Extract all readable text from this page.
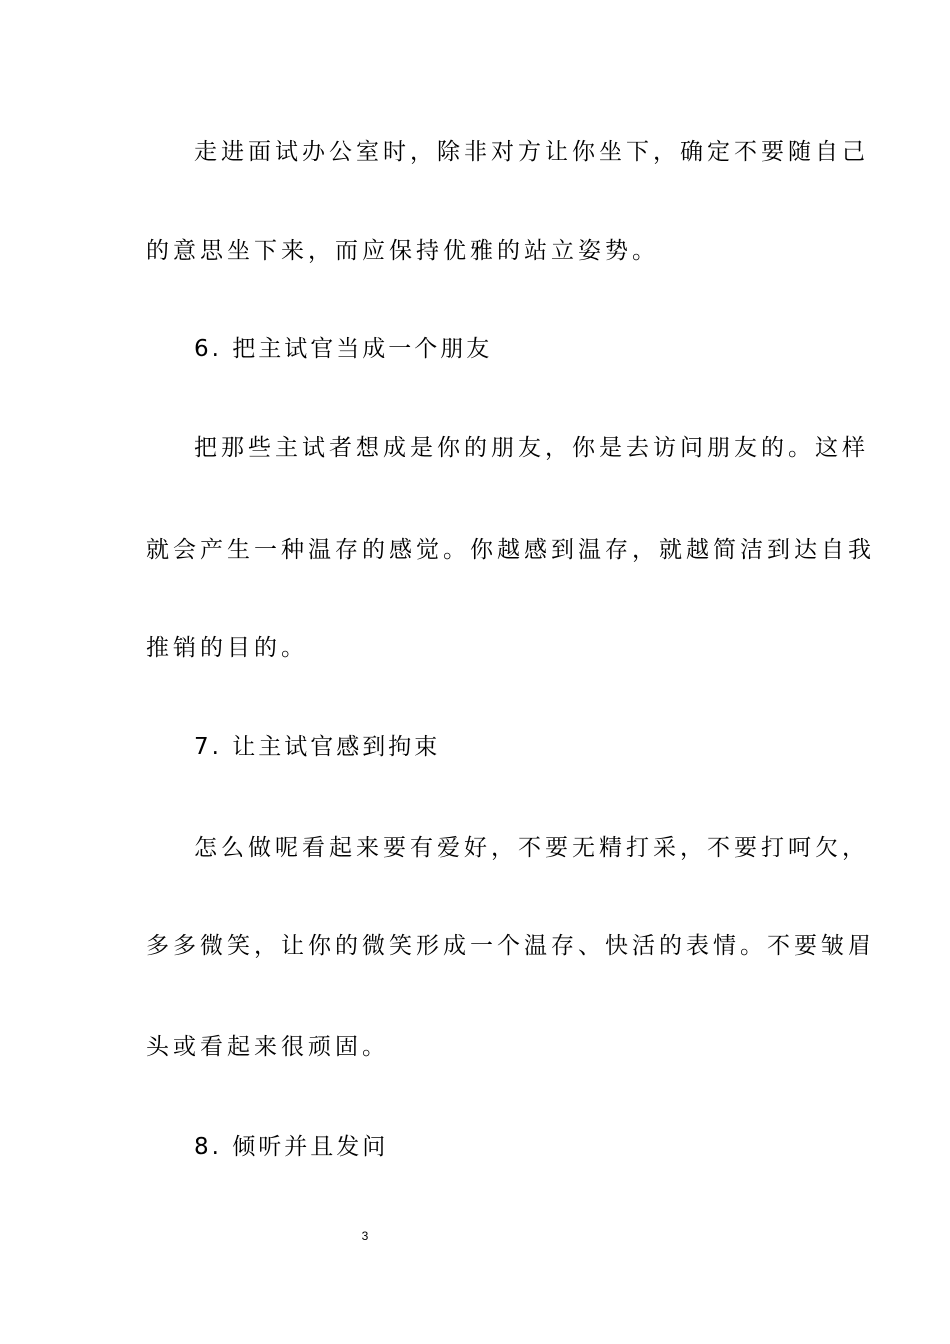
走进面试办公室时，除非对方让你坐下，确定不要随自己

的意思坐下来，而应保持优雅的站立姿势。

6. 把主试官当成一个朋友

把那些主试者想成是你的朋友，你是去访问朋友的。这样

就会产生一种温存的感觉。你越感到温存，就越简洁到达自我

推销的目的。

7. 让主试官感到拘束

怎么做呢看起来要有爱好，不要无精打采，不要打呵欠，

多多微笑，让你的微笑形成一个温存、快活的表情。不要皱眉

头或看起来很顽固。

8. 倾听并且发问

3
